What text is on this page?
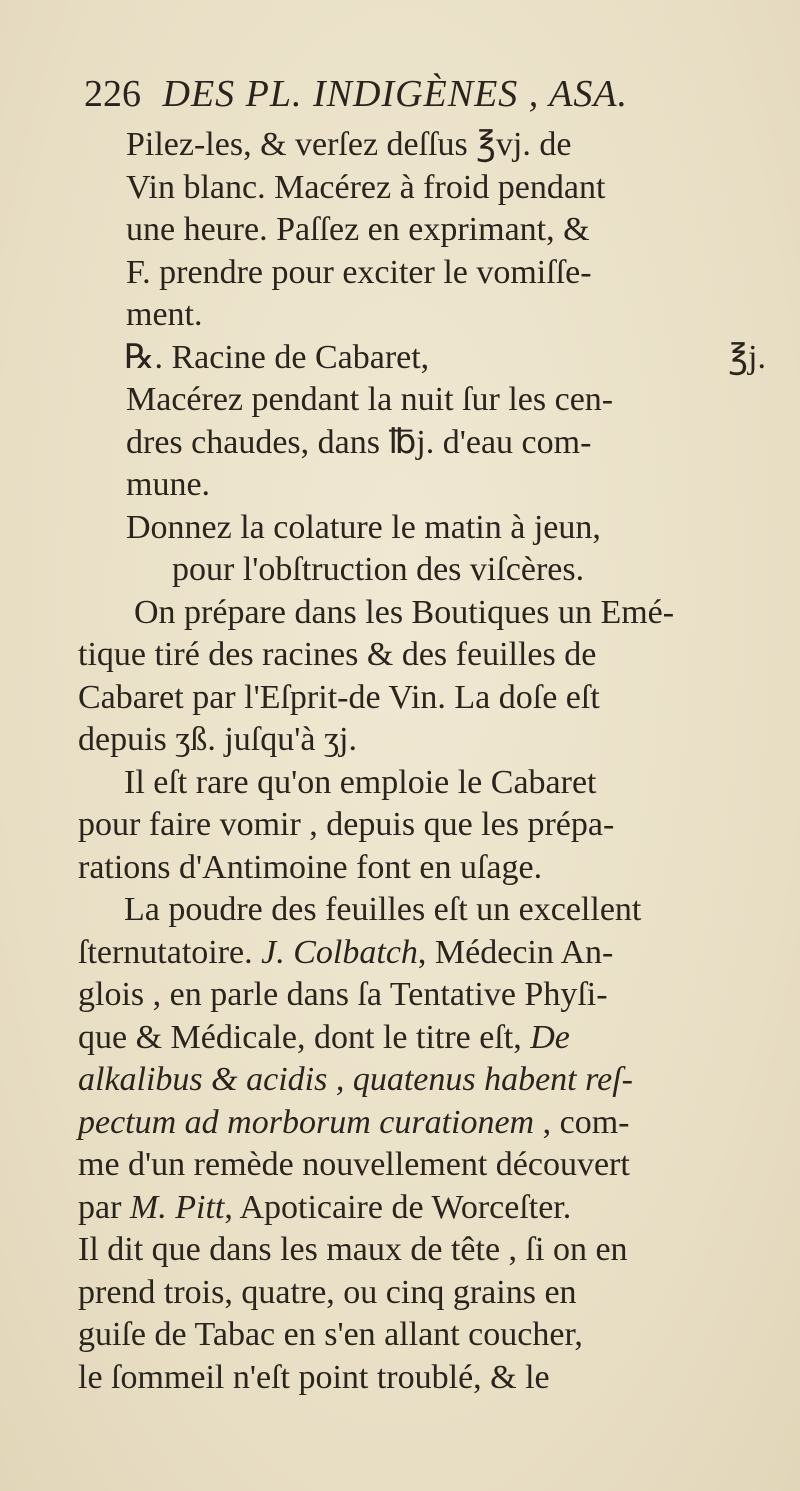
226 DES PL. INDIGÈNES , ASA.
Pilez-les, & verſez deſſus ℥vj. de
Vin blanc. Macérez à froid pendant
une heure. Paſſez en exprimant, &
F. prendre pour exciter le vomiſſe-
ment.
℞. Racine de Cabaret,	℥j.
Macérez pendant la nuit ſur les cen-
dres chaudes, dans ℔j. d'eau com-
mune.
Donnez la colature le matin à jeun,
pour l'obſtruction des viſcères.
On prépare dans les Boutiques un Emé-
tique tiré des racines & des feuilles de
Cabaret par l'Eſprit-de Vin. La doſe eſt
depuis ʒß. juſqu'à ʒj.
Il eſt rare qu'on emploie le Cabaret
pour faire vomir , depuis que les prépa-
rations d'Antimoine font en uſage.
La poudre des feuilles eſt un excellent
ſternutatoire. J. Colbatch, Médecin An-
glois , en parle dans ſa Tentative Phyſi-
que & Médicale, dont le titre eſt, De
alkalibus & acidis , quatenus habent reſ-
pectum ad morborum curationem , com-
me d'un remède nouvellement découvert
par M. Pitt, Apoticaire de Worceſter.
Il dit que dans les maux de tête , ſi on en
prend trois, quatre, ou cinq grains en
guiſe de Tabac en s'en allant coucher,
le ſommeil n'eſt point troublé, & le
